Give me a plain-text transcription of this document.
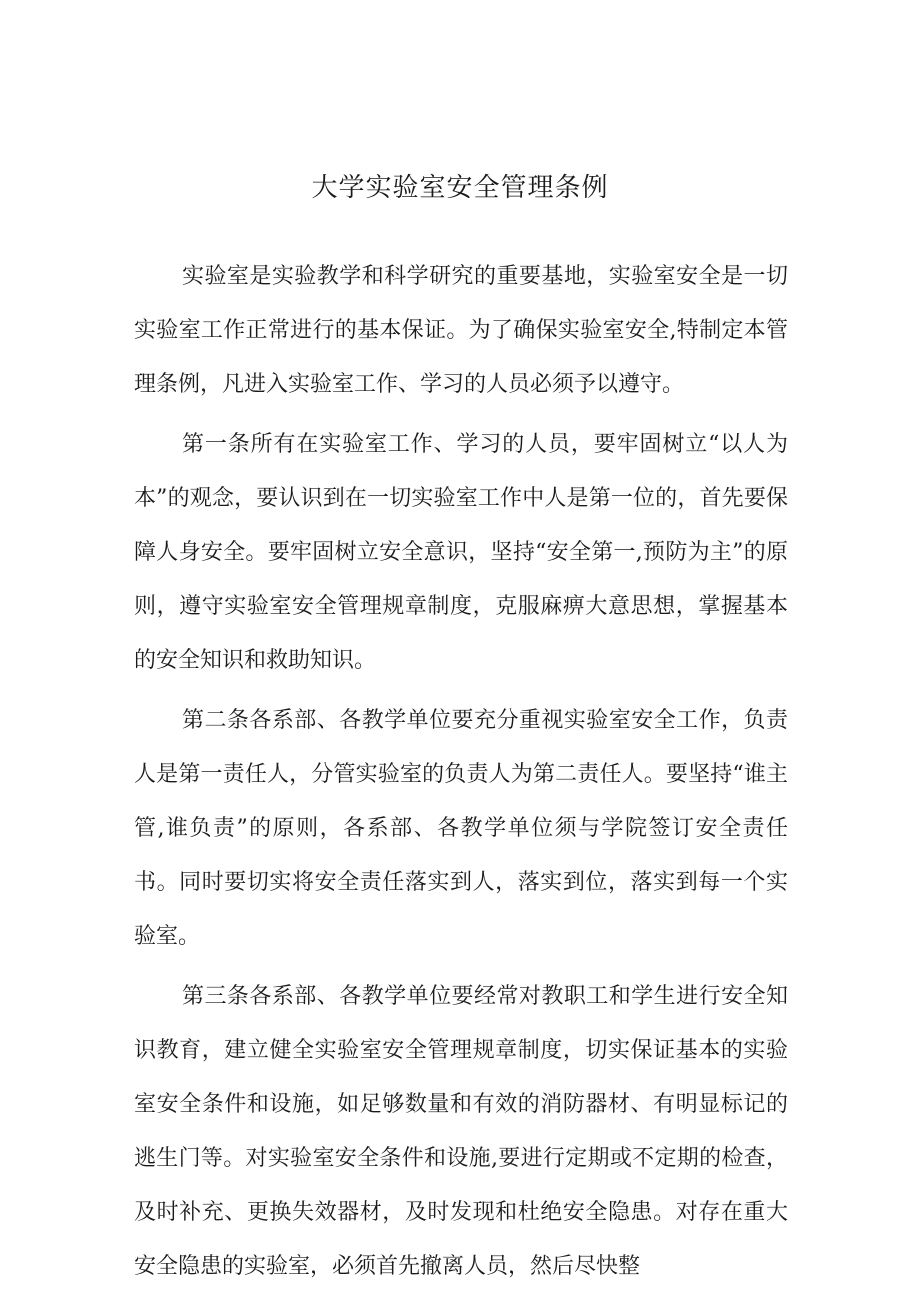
大学实验室安全管理条例

实验室是实验教学和科学研究的重要基地，实验室安全是一切实验室工作正常进行的基本保证。为了确保实验室安全,特制定本管理条例，凡进入实验室工作、学习的人员必须予以遵守。

第一条所有在实验室工作、学习的人员，要牢固树立“以人为本”的观念，要认识到在一切实验室工作中人是第一位的，首先要保障人身安全。要牢固树立安全意识，坚持“安全第一,预防为主”的原则，遵守实验室安全管理规章制度，克服麻痹大意思想，掌握基本的安全知识和救助知识。

第二条各系部、各教学单位要充分重视实验室安全工作，负责人是第一责任人，分管实验室的负责人为第二责任人。要坚持“谁主管,谁负责”的原则，各系部、各教学单位须与学院签订安全责任书。同时要切实将安全责任落实到人，落实到位，落实到每一个实验室。

第三条各系部、各教学单位要经常对教职工和学生进行安全知识教育，建立健全实验室安全管理规章制度，切实保证基本的实验室安全条件和设施，如足够数量和有效的消防器材、有明显标记的逃生门等。对实验室安全条件和设施,要进行定期或不定期的检查，及时补充、更换失效器材，及时发现和杜绝安全隐患。对存在重大安全隐患的实验室，必须首先撤离人员，然后尽快整
